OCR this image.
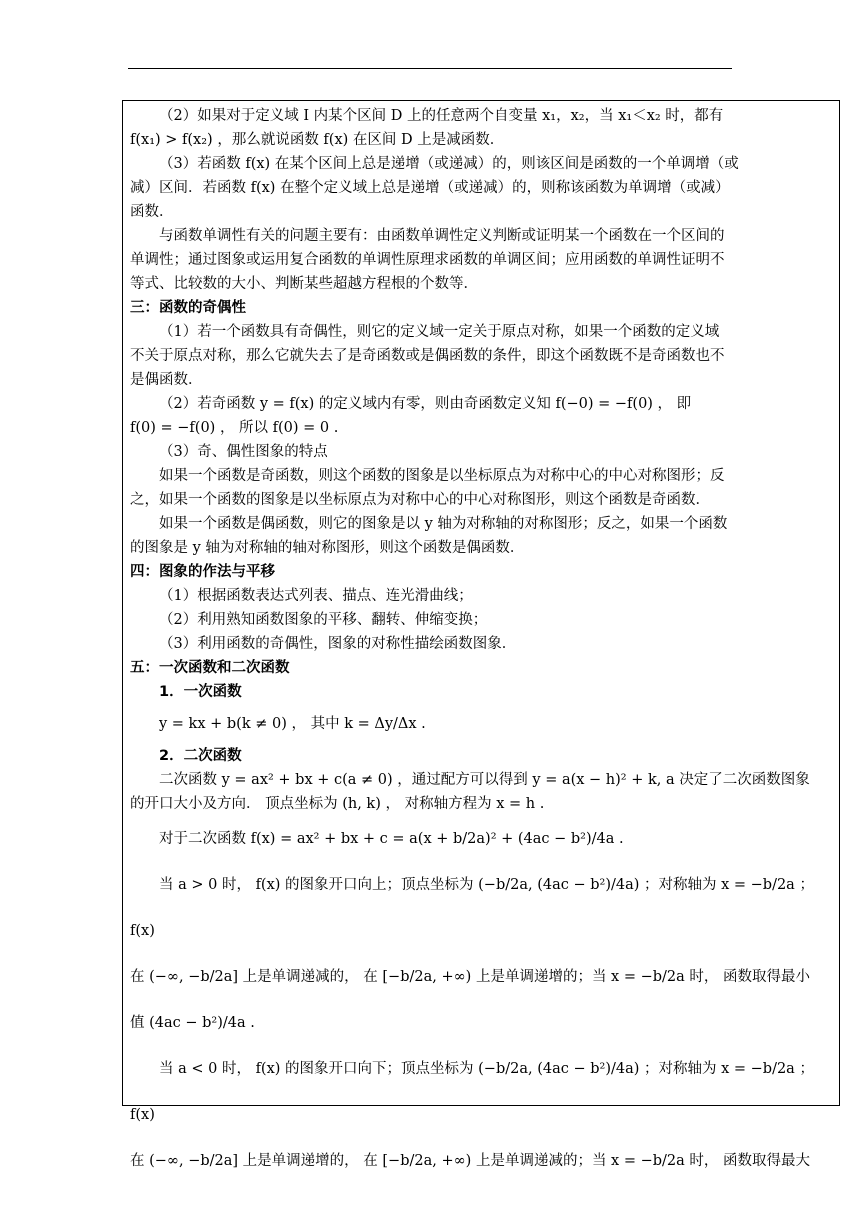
（2）如果对于定义域 I 内某个区间 D 上的任意两个自变量 x₁，x₂，当 x₁＜x₂ 时，都有

f(x₁) > f(x₂) ，那么就说函数 f(x) 在区间 D 上是减函数．

（3）若函数 f(x) 在某个区间上总是递增（或递减）的，则该区间是函数的一个单调增（或

减）区间．若函数 f(x) 在整个定义域上总是递增（或递减）的，则称该函数为单调增（或减）

函数．

与函数单调性有关的问题主要有：由函数单调性定义判断或证明某一个函数在一个区间的

单调性；通过图象或运用复合函数的单调性原理求函数的单调区间；应用函数的单调性证明不

等式、比较数的大小、判断某些超越方程根的个数等．

三：函数的奇偶性

（1）若一个函数具有奇偶性，则它的定义域一定关于原点对称，如果一个函数的定义域

不关于原点对称，那么它就失去了是奇函数或是偶函数的条件，即这个函数既不是奇函数也不

是偶函数．

（2）若奇函数 y = f(x) 的定义域内有零，则由奇函数定义知 f(−0) = −f(0) ， 即

f(0) = −f(0) ， 所以 f(0) = 0 .

（3）奇、偶性图象的特点

如果一个函数是奇函数，则这个函数的图象是以坐标原点为对称中心的中心对称图形；反

之，如果一个函数的图象是以坐标原点为对称中心的中心对称图形，则这个函数是奇函数．

如果一个函数是偶函数，则它的图象是以 y 轴为对称轴的对称图形；反之，如果一个函数

的图象是 y 轴为对称轴的轴对称图形，则这个函数是偶函数．

四：图象的作法与平移

（1）根据函数表达式列表、描点、连光滑曲线；

（2）利用熟知函数图象的平移、翻转、伸缩变换；

（3）利用函数的奇偶性，图象的对称性描绘函数图象．

五：一次函数和二次函数

1．一次函数

y = kx + b(k ≠ 0) ， 其中 k = Δy/Δx .

2．二次函数

二次函数 y = ax² + bx + c(a ≠ 0) ，通过配方可以得到 y = a(x − h)² + k, a 决定了二次函数图象

的开口大小及方向． 顶点坐标为 (h, k) ， 对称轴方程为 x = h .

对于二次函数 f(x) = ax² + bx + c = a(x + b/2a)² + (4ac − b²)/4a .

当 a > 0 时， f(x) 的图象开口向上；顶点坐标为 (−b/2a, (4ac − b²)/4a) ；对称轴为 x = −b/2a ； f(x)

在 (−∞, −b/2a] 上是单调递减的， 在 [−b/2a, +∞) 上是单调递增的；当 x = −b/2a 时， 函数取得最小

值 (4ac − b²)/4a .

当 a < 0 时， f(x) 的图象开口向下；顶点坐标为 (−b/2a, (4ac − b²)/4a) ；对称轴为 x = −b/2a ； f(x)

在 (−∞, −b/2a] 上是单调递增的， 在 [−b/2a, +∞) 上是单调递减的；当 x = −b/2a 时， 函数取得最大
